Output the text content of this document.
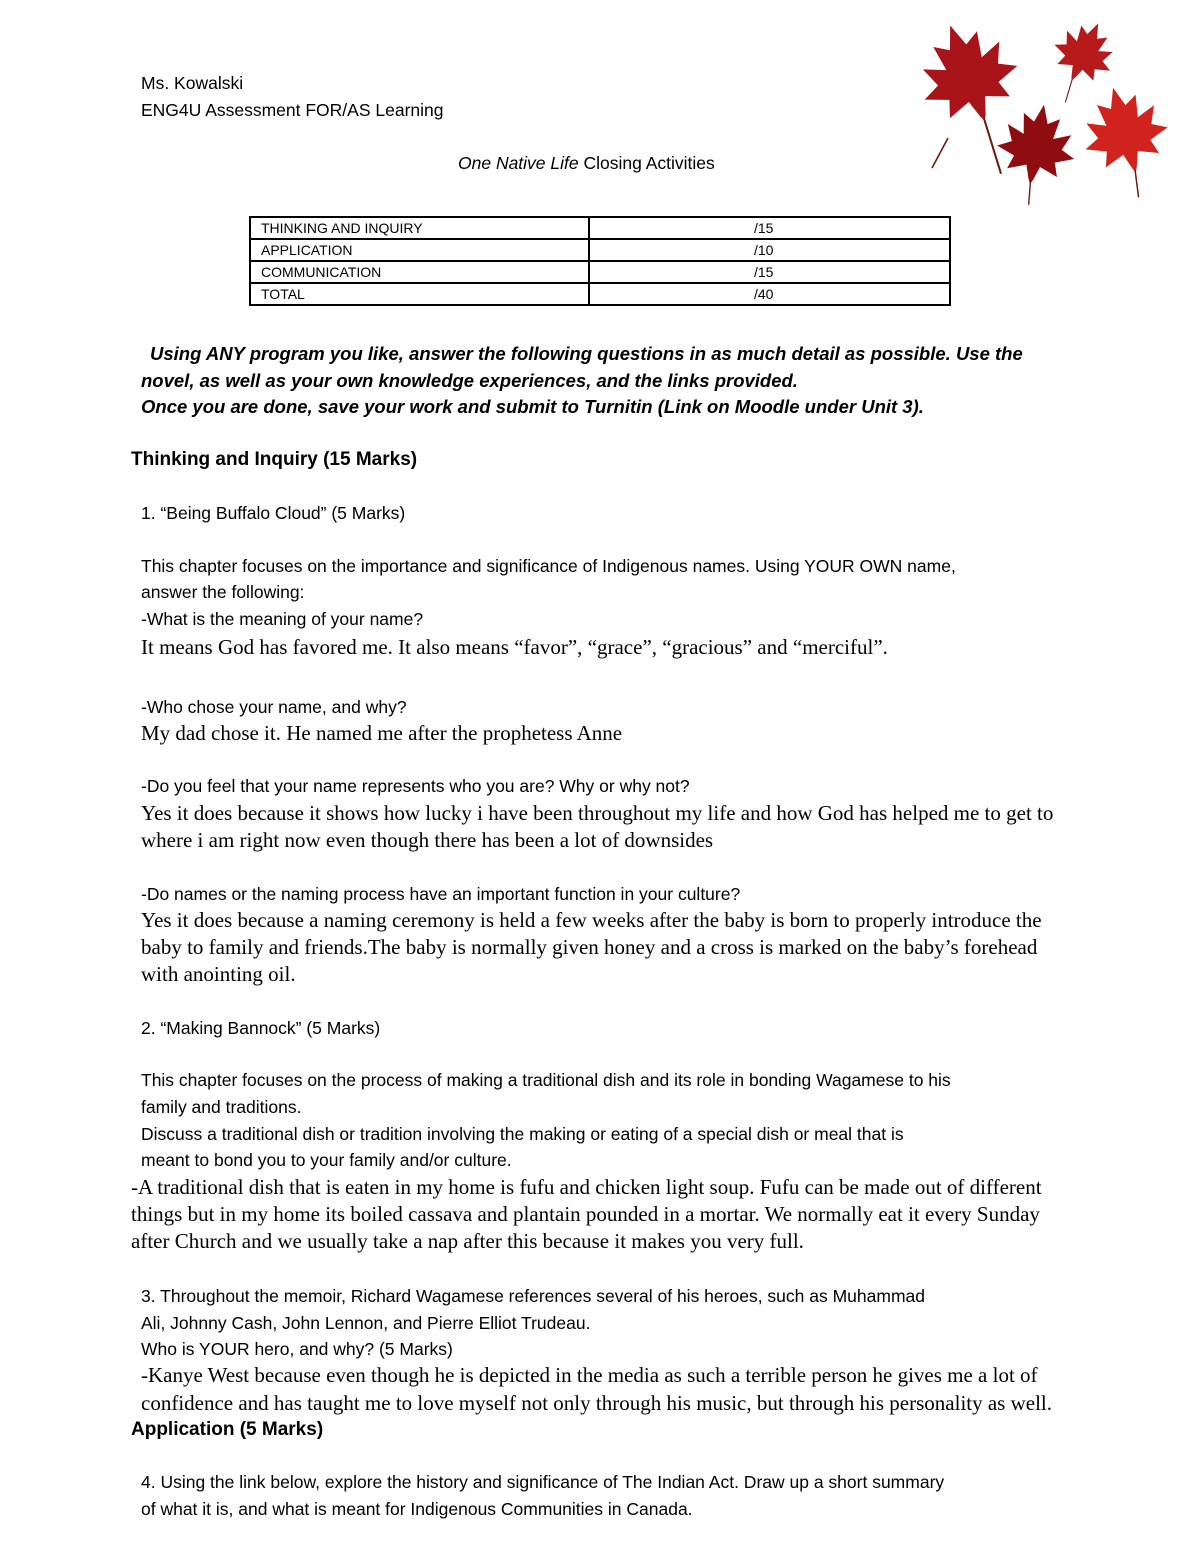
Ms. Kowalski

ENG4U Assessment FOR/AS Learning

One Native Life Closing Activities

THINKING AND INQUIRY	/15
APPLICATION	/10
COMMUNICATION	/15
TOTAL	/40

Using ANY program you like, answer the following questions in as much detail as possible. Use the

novel, as well as your own knowledge experiences, and the links provided.

Once you are done, save your work and submit to Turnitin (Link on Moodle under Unit 3).

Thinking and Inquiry (15 Marks)

1. “Being Buffalo Cloud” (5 Marks)

This chapter focuses on the importance and significance of Indigenous names. Using YOUR OWN name,

answer the following:

-What is the meaning of your name?

It means God has favored me. It also means “favor”, “grace”, “gracious” and “merciful”.

-Who chose your name, and why?

My dad chose it. He named me after the prophetess Anne

-Do you feel that your name represents who you are? Why or why not?

Yes it does because it shows how lucky i have been throughout my life and how God has helped me to get to

where i am right now even though there has been a lot of downsides

-Do names or the naming process have an important function in your culture?

Yes it does because a naming ceremony is held a few weeks after the baby is born to properly introduce the

baby to family and friends.The baby is normally given honey and a cross is marked on the baby’s forehead

with anointing oil.

2. “Making Bannock” (5 Marks)

This chapter focuses on the process of making a traditional dish and its role in bonding Wagamese to his

family and traditions.

Discuss a traditional dish or tradition involving the making or eating of a special dish or meal that is

meant to bond you to your family and/or culture.

-A traditional dish that is eaten in my home is fufu and chicken light soup. Fufu can be made out of different

things but in my home its boiled cassava and plantain pounded in a mortar. We normally eat it every Sunday

after Church and we usually take a nap after this because it makes you very full.

3. Throughout the memoir, Richard Wagamese references several of his heroes, such as Muhammad

Ali, Johnny Cash, John Lennon, and Pierre Elliot Trudeau.

Who is YOUR hero, and why? (5 Marks)

-Kanye West because even though he is depicted in the media as such a terrible person he gives me a lot of

confidence and has taught me to love myself not only through his music, but through his personality as well.

Application (5 Marks)

4. Using the link below, explore the history and significance of The Indian Act. Draw up a short summary

of what it is, and what is meant for Indigenous Communities in Canada.
